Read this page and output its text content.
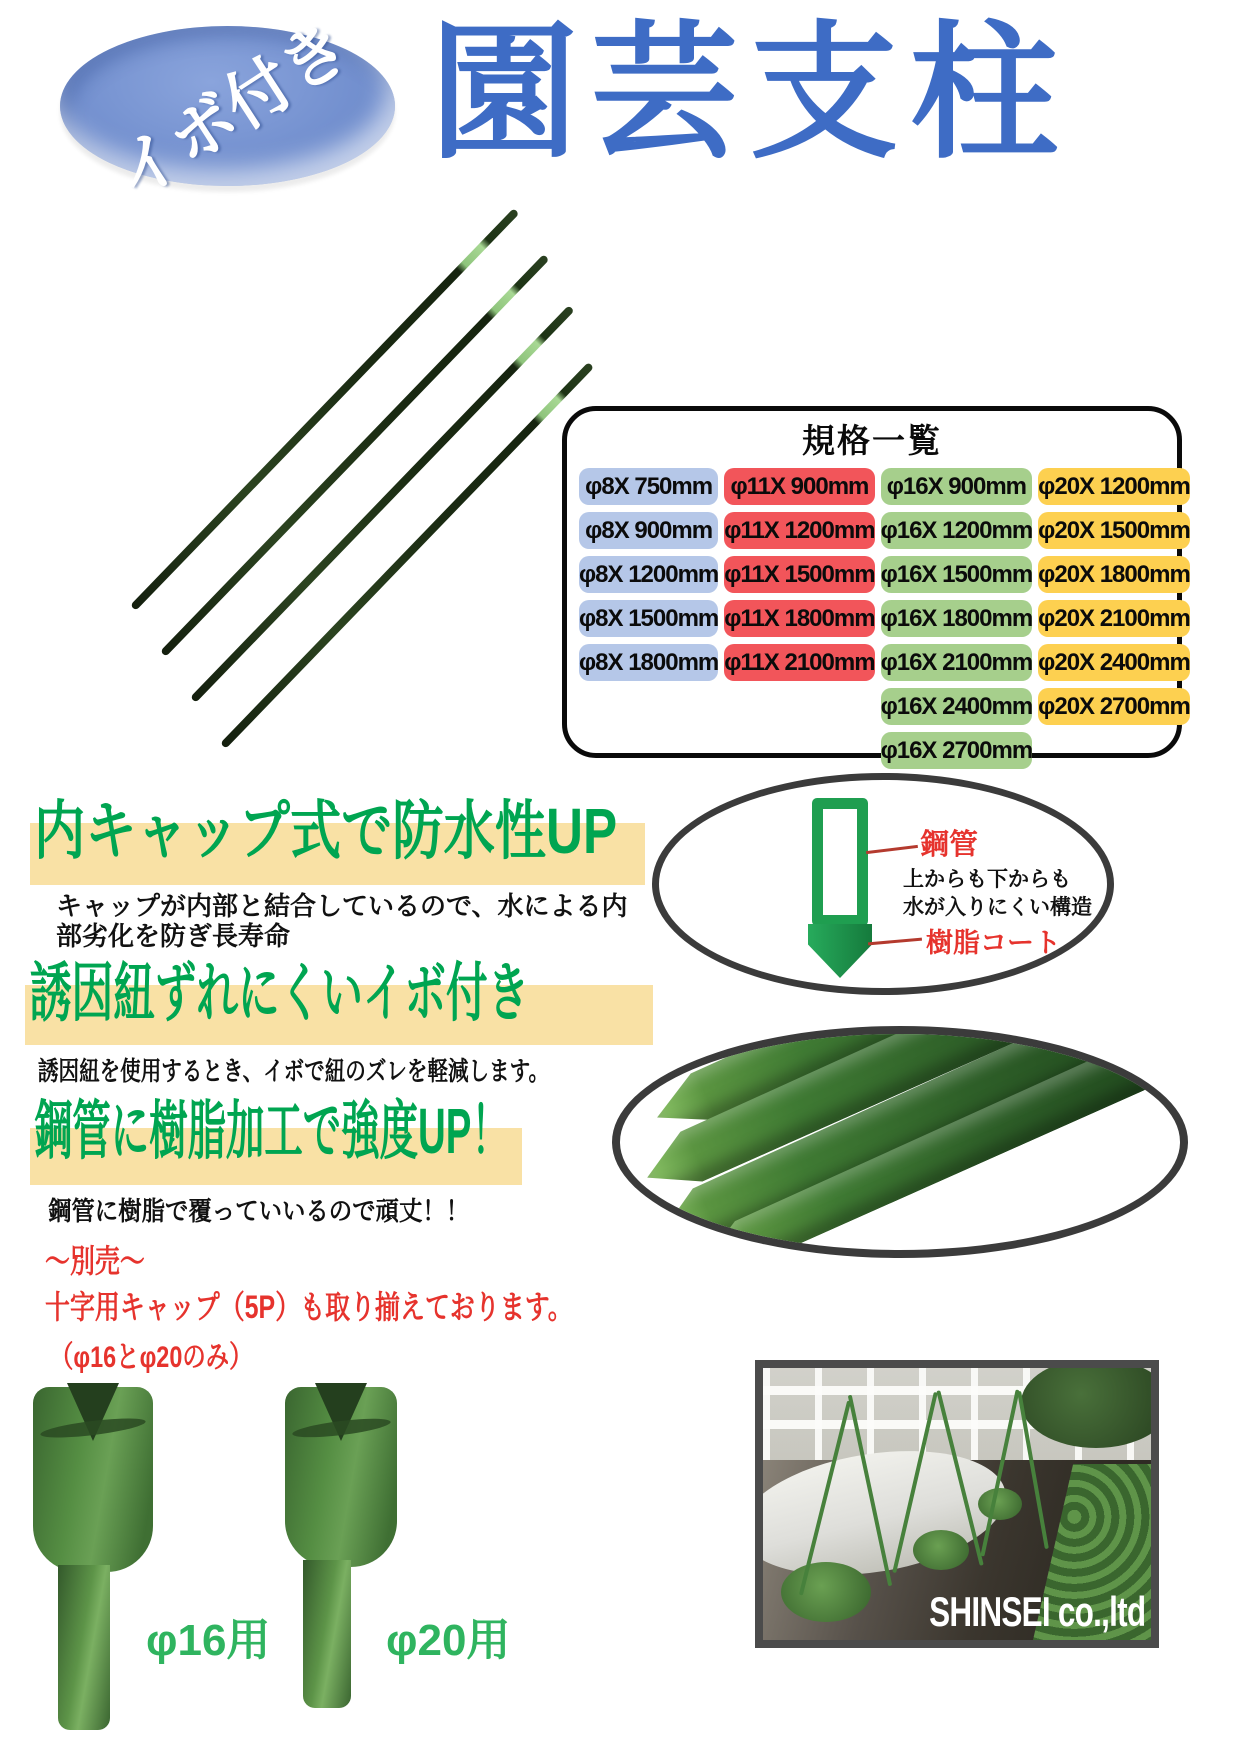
イボ付き 園芸支柱
規格一覧
φ8X 750mm
φ8X 900mm
φ8X 1200mm
φ8X 1500mm
φ8X 1800mm
φ11X 900mm
φ11X 1200mm
φ11X 1500mm
φ11X 1800mm
φ11X 2100mm
φ16X 900mm
φ16X 1200mm
φ16X 1500mm
φ16X 1800mm
φ16X 2100mm
φ16X 2400mm
φ16X 2700mm
φ20X 1200mm
φ20X 1500mm
φ20X 1800mm
φ20X 2100mm
φ20X 2400mm
φ20X 2700mm
内キャップ式で防水性UP
キャップが内部と結合しているので、水による内
部劣化を防ぎ長寿命
誘因紐ずれにくいイボ付き
誘因紐を使用するとき、イボで紐のズレを軽減します。
鋼管に樹脂加工で強度UP！
鋼管に樹脂で覆っていいるので頑丈！！
～別売～
十字用キャップ（5P）も取り揃えております。
（φ16とφ20のみ）
鋼管
上からも下からも
水が入りにくい構造
樹脂コート
φ16用	φ20用
SHINSEI co.,ltd
